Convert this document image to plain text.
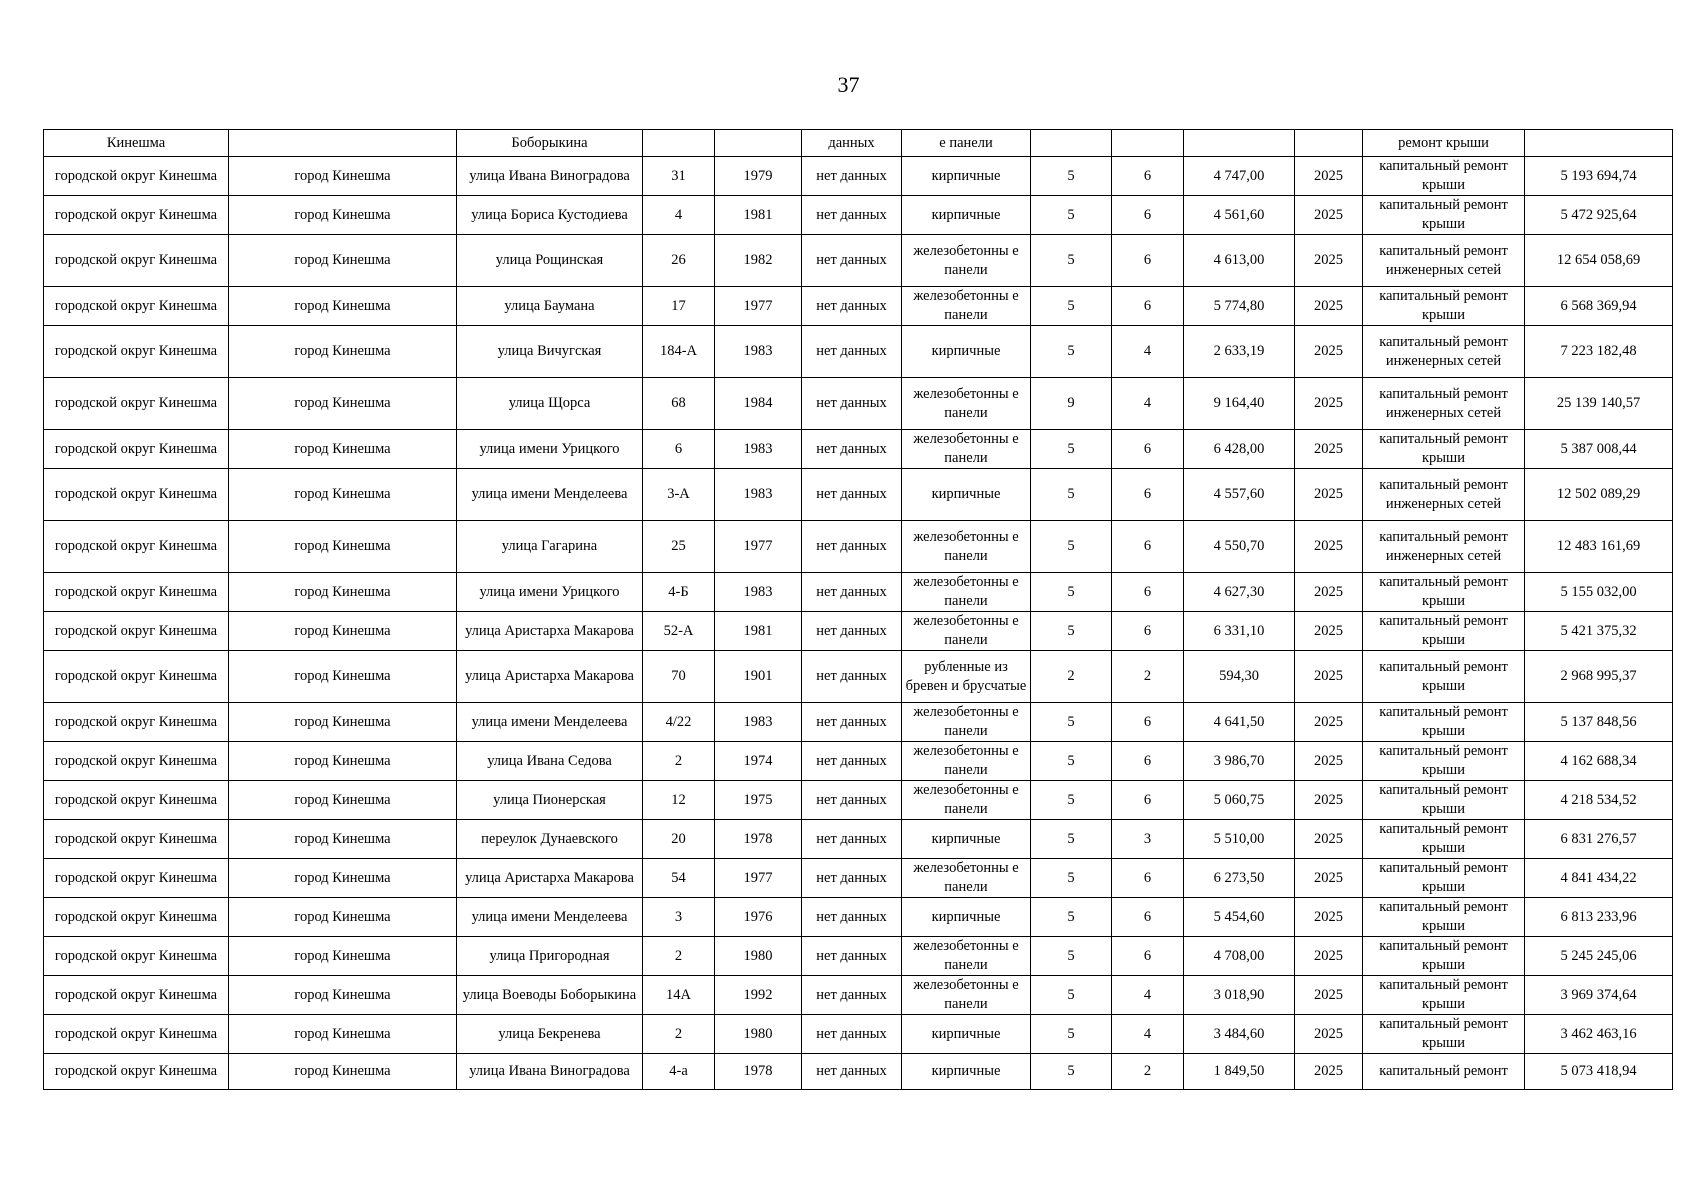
37
Кинешма		Боборыкина			данных	е панели					ремонт крыши	
городской округ Кинешма	город Кинешма	улица Ивана Виноградова	31	1979	нет данных	кирпичные	5	6	4 747,00	2025	капитальный ремонт крыши	5 193 694,74
городской округ Кинешма	город Кинешма	улица Бориса Кустодиева	4	1981	нет данных	кирпичные	5	6	4 561,60	2025	капитальный ремонт крыши	5 472 925,64
городской округ Кинешма	город Кинешма	улица Рощинская	26	1982	нет данных	железобетонны е панели	5	6	4 613,00	2025	капитальный ремонт инженерных сетей	12 654 058,69
городской округ Кинешма	город Кинешма	улица Баумана	17	1977	нет данных	железобетонны е панели	5	6	5 774,80	2025	капитальный ремонт крыши	6 568 369,94
городской округ Кинешма	город Кинешма	улица Вичугская	184-А	1983	нет данных	кирпичные	5	4	2 633,19	2025	капитальный ремонт инженерных сетей	7 223 182,48
городской округ Кинешма	город Кинешма	улица Щорса	68	1984	нет данных	железобетонны е панели	9	4	9 164,40	2025	капитальный ремонт инженерных сетей	25 139 140,57
городской округ Кинешма	город Кинешма	улица имени Урицкого	6	1983	нет данных	железобетонны е панели	5	6	6 428,00	2025	капитальный ремонт крыши	5 387 008,44
городской округ Кинешма	город Кинешма	улица имени Менделеева	3-А	1983	нет данных	кирпичные	5	6	4 557,60	2025	капитальный ремонт инженерных сетей	12 502 089,29
городской округ Кинешма	город Кинешма	улица Гагарина	25	1977	нет данных	железобетонны е панели	5	6	4 550,70	2025	капитальный ремонт инженерных сетей	12 483 161,69
городской округ Кинешма	город Кинешма	улица имени Урицкого	4-Б	1983	нет данных	железобетонны е панели	5	6	4 627,30	2025	капитальный ремонт крыши	5 155 032,00
городской округ Кинешма	город Кинешма	улица Аристарха Макарова	52-А	1981	нет данных	железобетонны е панели	5	6	6 331,10	2025	капитальный ремонт крыши	5 421 375,32
городской округ Кинешма	город Кинешма	улица Аристарха Макарова	70	1901	нет данных	рубленные из бревен и брусчатые	2	2	594,30	2025	капитальный ремонт крыши	2 968 995,37
городской округ Кинешма	город Кинешма	улица имени Менделеева	4/22	1983	нет данных	железобетонны е панели	5	6	4 641,50	2025	капитальный ремонт крыши	5 137 848,56
городской округ Кинешма	город Кинешма	улица Ивана Седова	2	1974	нет данных	железобетонны е панели	5	6	3 986,70	2025	капитальный ремонт крыши	4 162 688,34
городской округ Кинешма	город Кинешма	улица Пионерская	12	1975	нет данных	железобетонны е панели	5	6	5 060,75	2025	капитальный ремонт крыши	4 218 534,52
городской округ Кинешма	город Кинешма	переулок Дунаевского	20	1978	нет данных	кирпичные	5	3	5 510,00	2025	капитальный ремонт крыши	6 831 276,57
городской округ Кинешма	город Кинешма	улица Аристарха Макарова	54	1977	нет данных	железобетонны е панели	5	6	6 273,50	2025	капитальный ремонт крыши	4 841 434,22
городской округ Кинешма	город Кинешма	улица имени Менделеева	3	1976	нет данных	кирпичные	5	6	5 454,60	2025	капитальный ремонт крыши	6 813 233,96
городской округ Кинешма	город Кинешма	улица Пригородная	2	1980	нет данных	железобетонны е панели	5	6	4 708,00	2025	капитальный ремонт крыши	5 245 245,06
городской округ Кинешма	город Кинешма	улица Воеводы Боборыкина	14А	1992	нет данных	железобетонны е панели	5	4	3 018,90	2025	капитальный ремонт крыши	3 969 374,64
городской округ Кинешма	город Кинешма	улица Бекренева	2	1980	нет данных	кирпичные	5	4	3 484,60	2025	капитальный ремонт крыши	3 462 463,16
городской округ Кинешма	город Кинешма	улица Ивана Виноградова	4-а	1978	нет данных	кирпичные	5	2	1 849,50	2025	капитальный ремонт	5 073 418,94
